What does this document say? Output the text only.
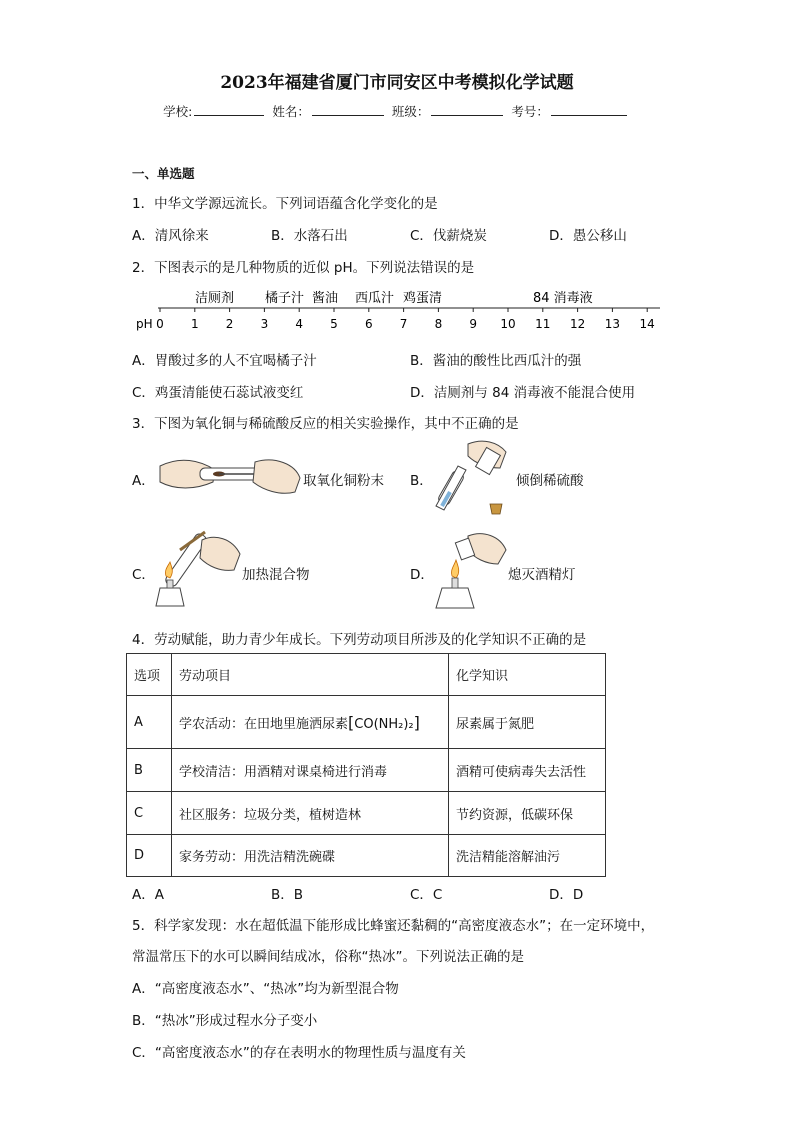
2023年福建省厦门市同安区中考模拟化学试题
学校:	姓名：	班级：	考号：
一、单选题
1．中华文学源远流长。下列词语蕴含化学变化的是
A．清风徐来	B．水落石出	C．伐薪烧炭	D．愚公移山
2．下图表示的是几种物质的近似 pH。下列说法错误的是
洁厕剂 橘子汁 酱油 西瓜汁 鸡蛋清	84 消毒液
pH 0 1 2 3 4 5 6 7 8 9 10 11 12 13 14
A．胃酸过多的人不宜喝橘子汁	B．酱油的酸性比西瓜汁的强
C．鸡蛋清能使石蕊试液变红	D．洁厕剂与 84 消毒液不能混合使用
3．下图为氧化铜与稀硫酸反应的相关实验操作，其中不正确的是
A．	取氧化铜粉末 B．	倾倒稀硫酸
C．	加热混合物	D．	熄灭酒精灯
4．劳动赋能，助力青少年成长。下列劳动项目所涉及的化学知识不正确的是
选项	劳动项目	化学知识
A	学农活动：在田地里施洒尿素[CO(NH₂)₂]	尿素属于氮肥
B	学校清洁：用酒精对课桌椅进行消毒	酒精可使病毒失去活性
C	社区服务：垃圾分类，植树造林	节约资源，低碳环保
D	家务劳动：用洗洁精洗碗碟	洗洁精能溶解油污
A．A	B．B	C．C	D．D
5．科学家发现：水在超低温下能形成比蜂蜜还黏稠的“高密度液态水”；在一定环境中，
常温常压下的水可以瞬间结成冰，俗称“热冰”。下列说法正确的是
A．“高密度液态水”、“热冰”均为新型混合物
B．“热冰”形成过程水分子变小
C．“高密度液态水”的存在表明水的物理性质与温度有关
